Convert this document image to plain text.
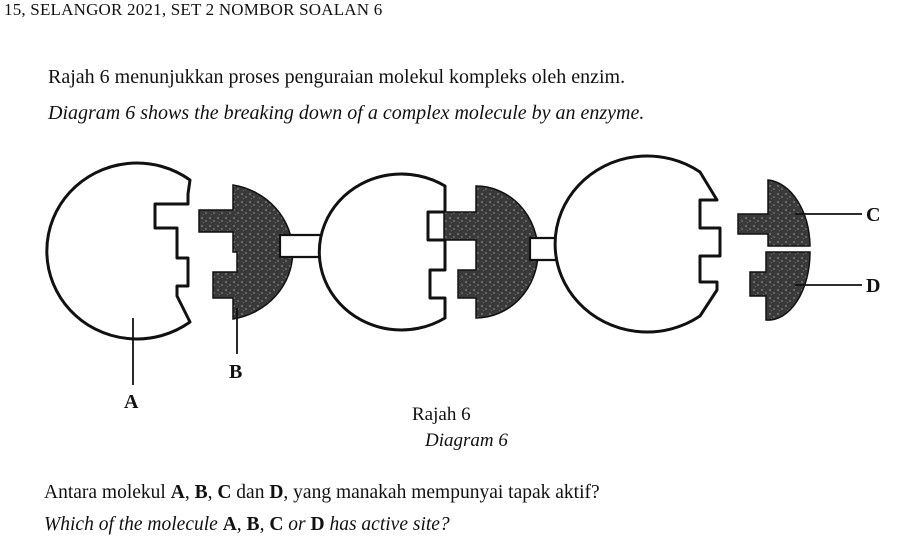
15, SELANGOR 2021, SET 2 NOMBOR SOALAN 6
Rajah 6 menunjukkan proses penguraian molekul kompleks oleh enzim.
Diagram 6 shows the breaking down of a complex molecule by an enzyme.
A
B
C
D
Rajah 6
Diagram 6
Antara molekul A, B, C dan D, yang manakah mempunyai tapak aktif?
Which of the molecule A, B, C or D has active site?
